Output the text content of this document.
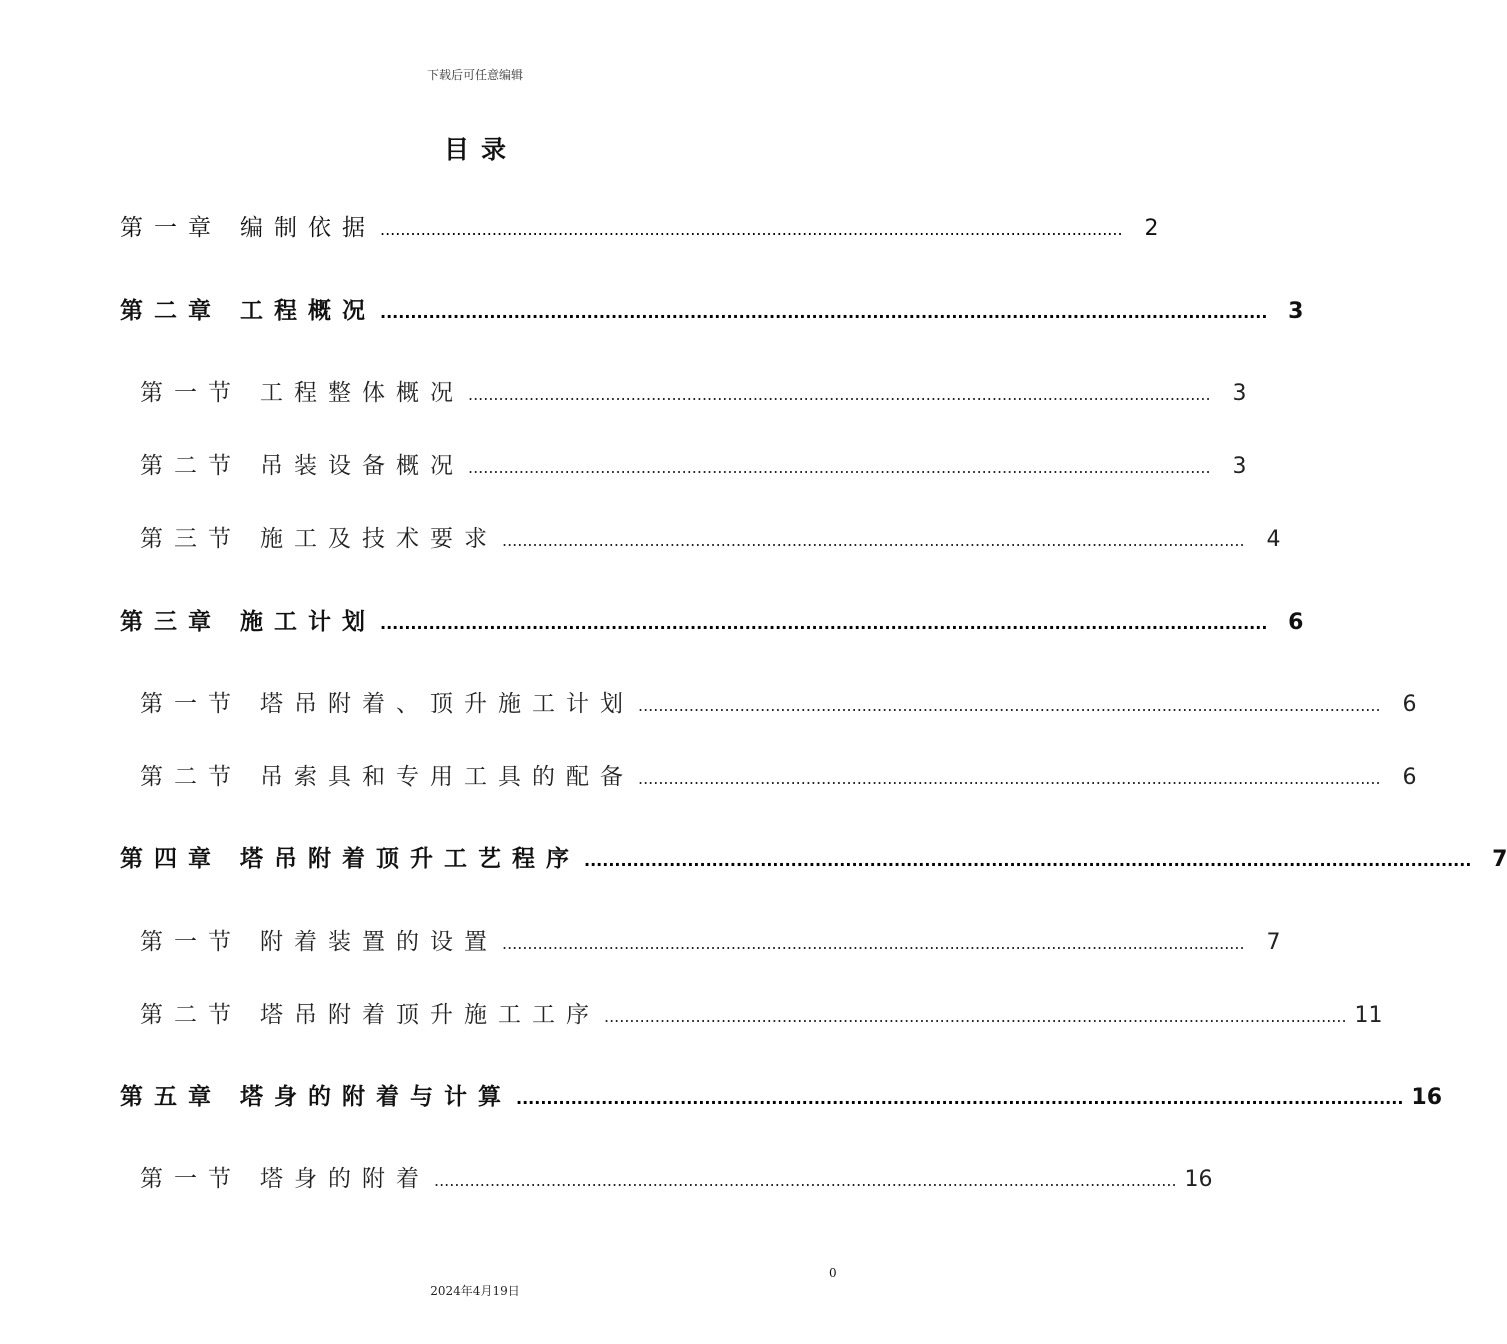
下载后可任意编辑
目录
第一章 编制依据 ..................................................................................................................................................	2
第二章 工程概况 .................................................................................................................................................. 3
第一节 工程整体概况 ..................................................................................................................................................	3
第二节 吊装设备概况 ..................................................................................................................................................	3
第三节 施工及技术要求 ..................................................................................................................................................	4
第三章 施工计划 .................................................................................................................................................. 6
第一节 塔吊附着、顶升施工计划 ..................................................................................................................................................	6
第二节 吊索具和专用工具的配备 ..................................................................................................................................................	6
第四章 塔吊附着顶升工艺程序 .................................................................................................................................................. 7
第一节 附着装置的设置 ..................................................................................................................................................	7
第二节 塔吊附着顶升施工工序 .................................................................................................................................................. 11
第五章 塔身的附着与计算 .................................................................................................................................................. 16
第一节 塔身的附着 .................................................................................................................................................. 16
0
2024年4月19日
